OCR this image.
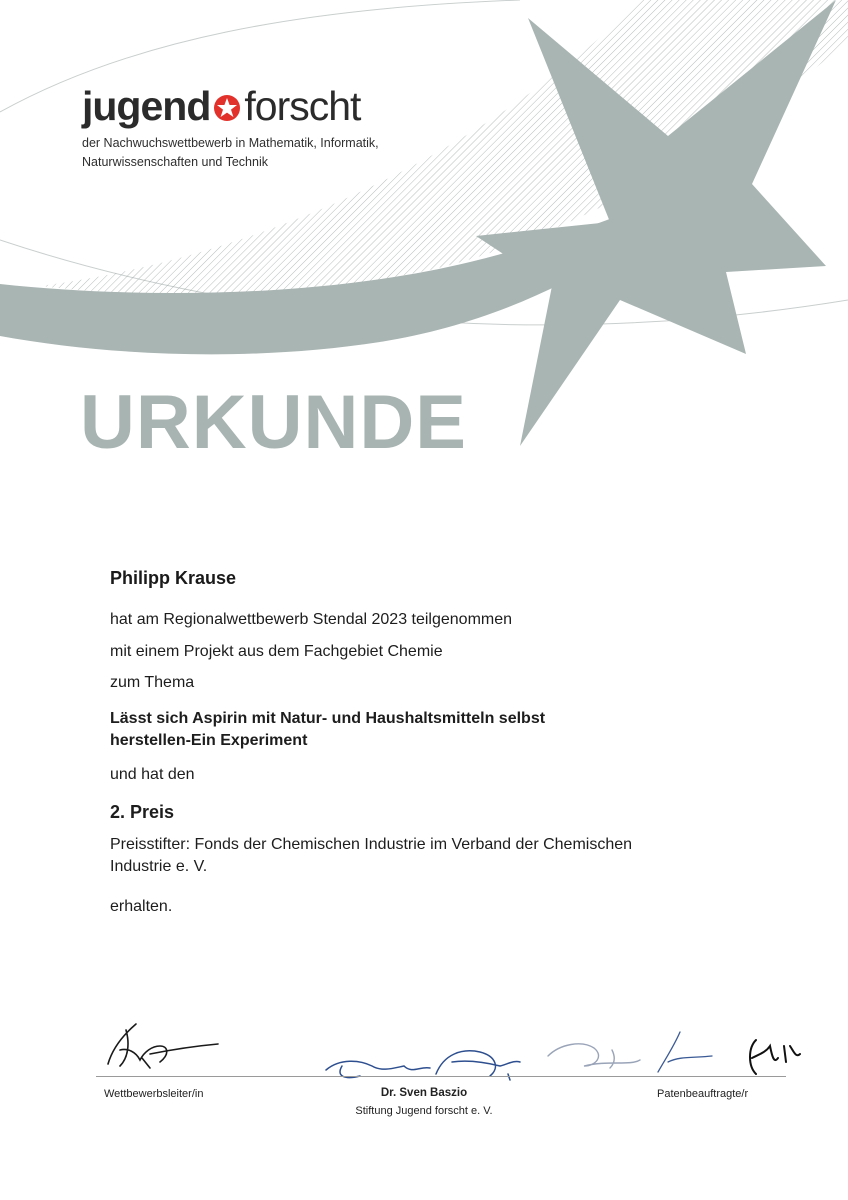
jugend forscht
der Nachwuchswettbewerb in Mathematik, Informatik,
Naturwissenschaften und Technik
URKUNDE
Philipp Krause
hat am Regionalwettbewerb Stendal 2023 teilgenommen
mit einem Projekt aus dem Fachgebiet Chemie
zum Thema
Lässt sich Aspirin mit Natur- und Haushaltsmitteln selbst
herstellen-Ein Experiment
und hat den
2. Preis
Preisstifter: Fonds der Chemischen Industrie im Verband der Chemischen
Industrie e. V.
erhalten.
Wettbewerbsleiter/in	Dr. Sven Baszio
Stiftung Jugend forscht e. V.
Patenbeauftragte/r
